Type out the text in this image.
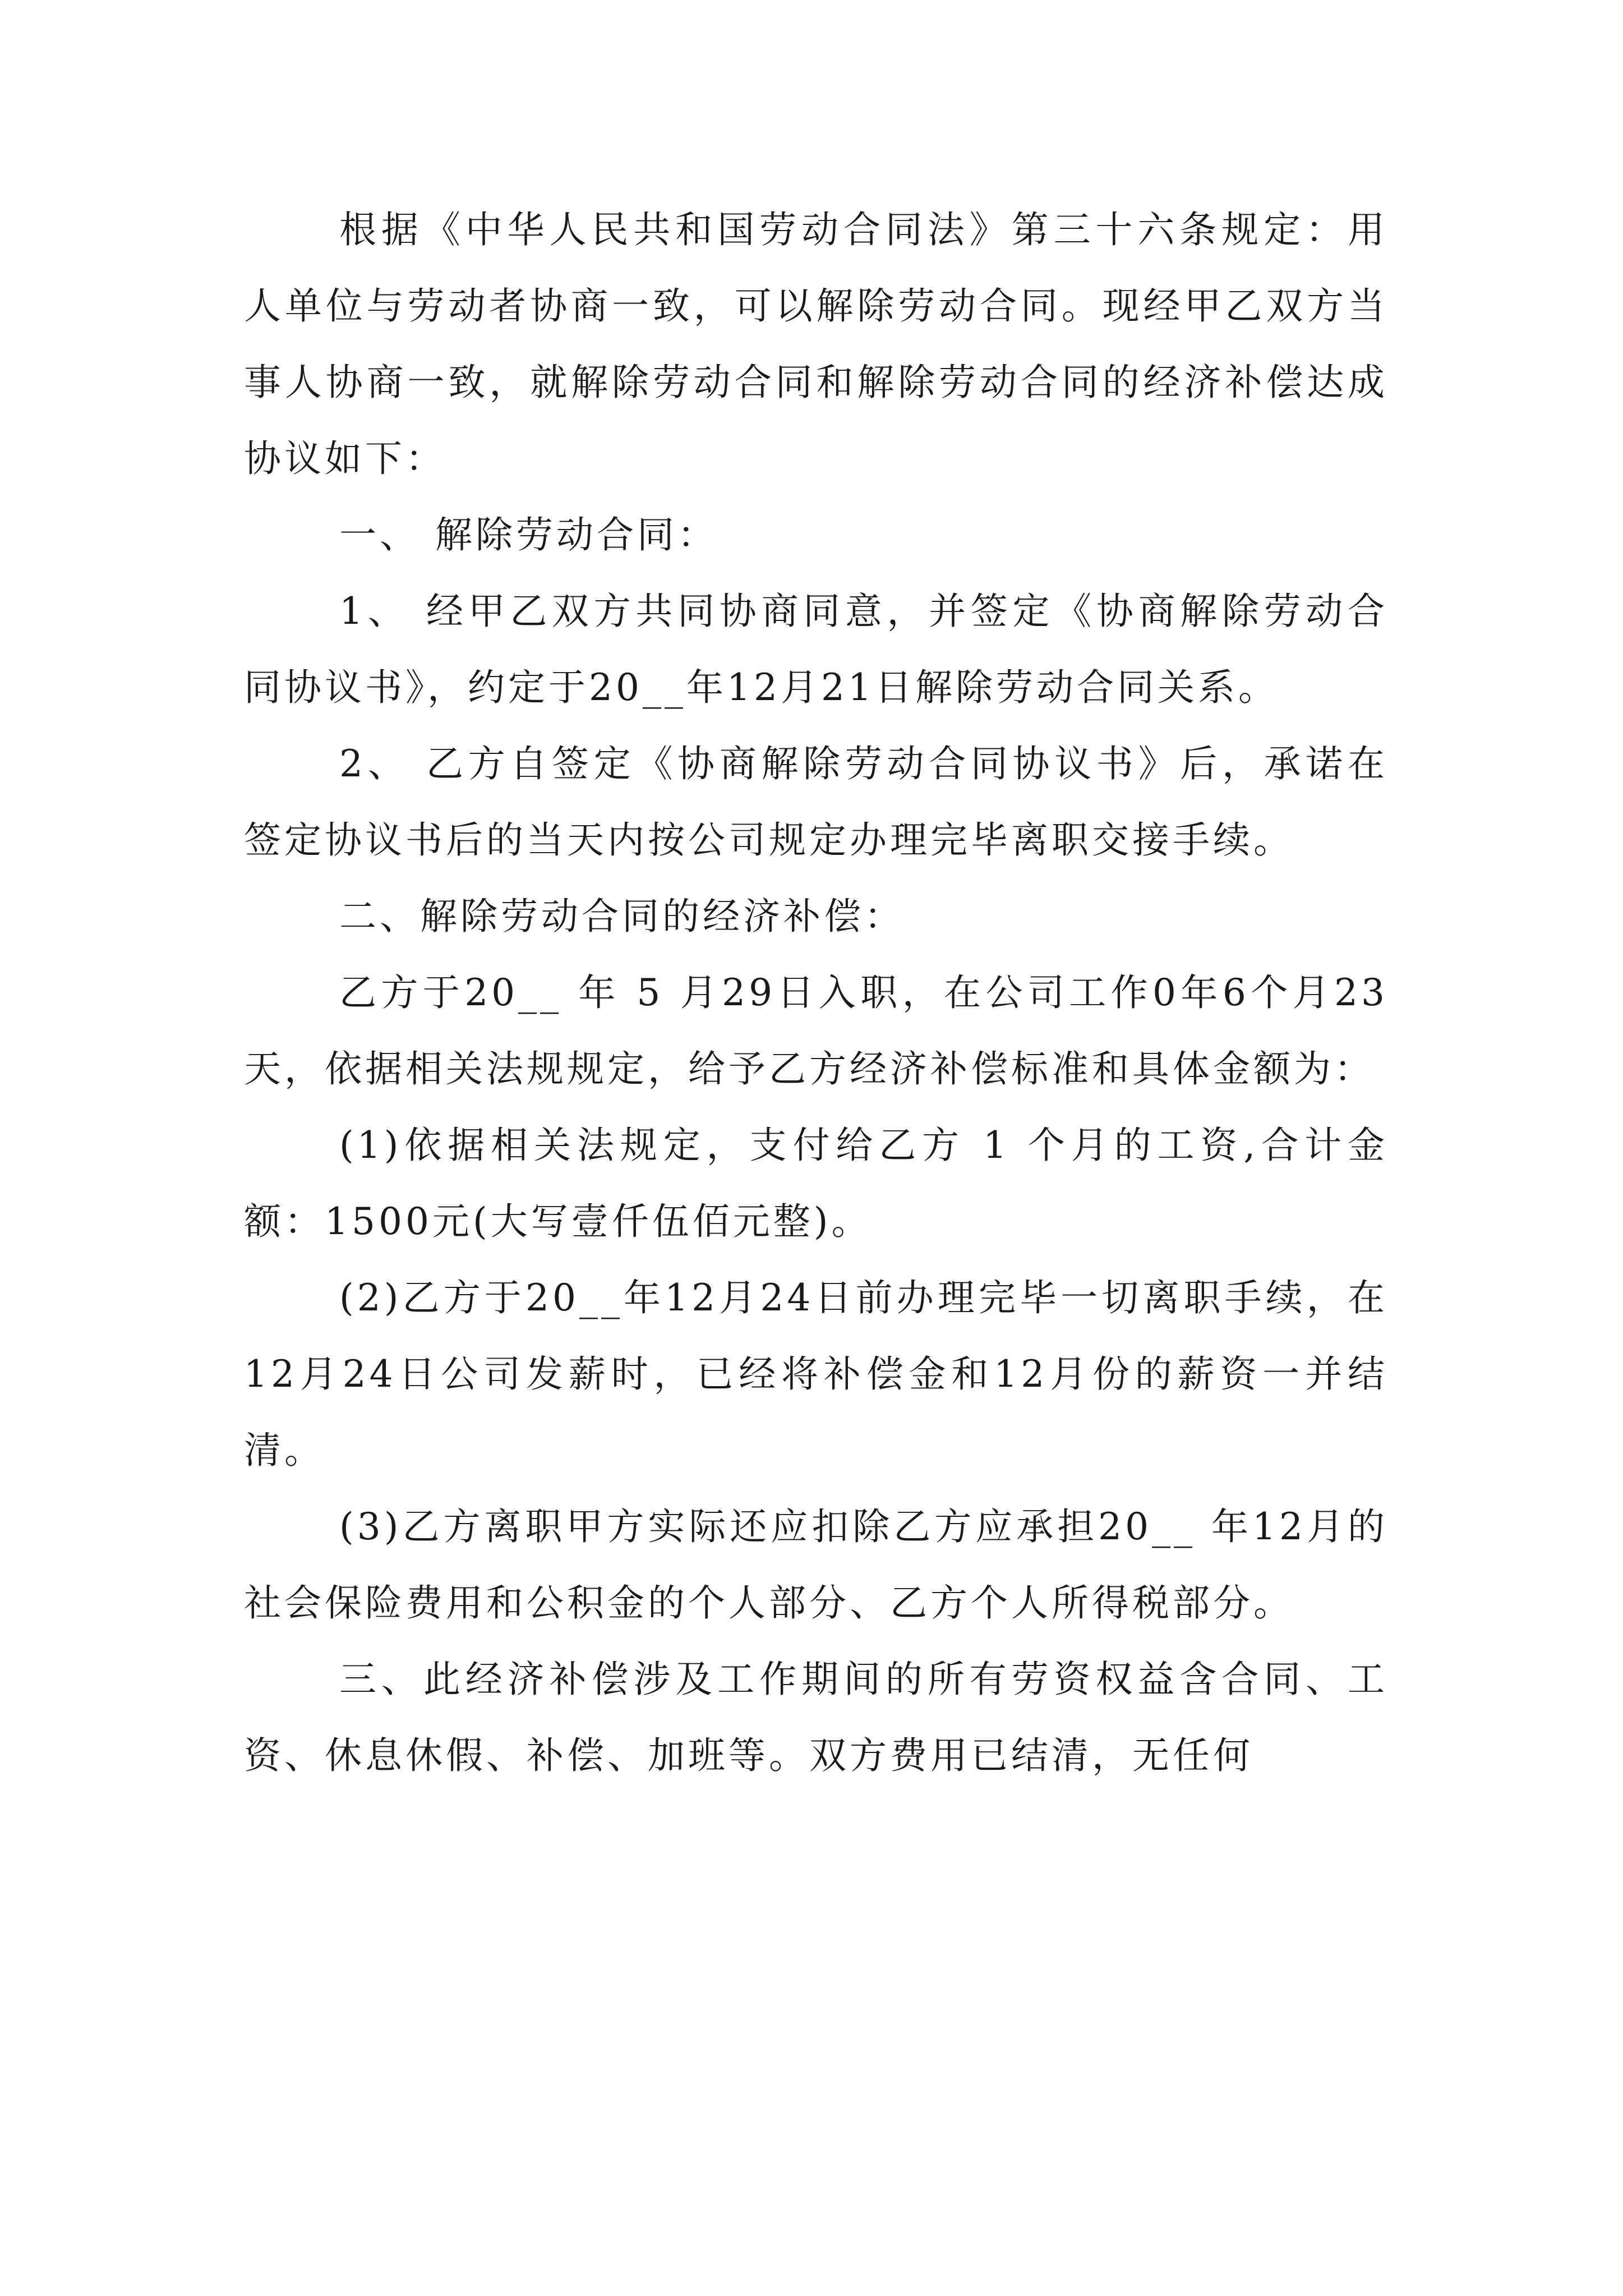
根据《中华人民共和国劳动合同法》第三十六条规定：用人单位与劳动者协商一致，可以解除劳动合同。现经甲乙双方当事人协商一致，就解除劳动合同和解除劳动合同的经济补偿达成协议如下：

一、 解除劳动合同：

1、 经甲乙双方共同协商同意，并签定《协商解除劳动合同协议书》，约定于20__年12月21日解除劳动合同关系。

2、 乙方自签定《协商解除劳动合同协议书》后，承诺在签定协议书后的当天内按公司规定办理完毕离职交接手续。

二、解除劳动合同的经济补偿：

乙方于20__ 年 5 月29日入职，在公司工作0年6个月23天，依据相关法规规定，给予乙方经济补偿标准和具体金额为：

(1)依据相关法规定，支付给乙方 1 个月的工资,合计金额：1500元(大写壹仟伍佰元整)。

(2)乙方于20__年12月24日前办理完毕一切离职手续，在12月24日公司发薪时，已经将补偿金和12月份的薪资一并结清。

(3)乙方离职甲方实际还应扣除乙方应承担20__ 年12月的社会保险费用和公积金的个人部分、乙方个人所得税部分。

三、此经济补偿涉及工作期间的所有劳资权益含合同、工资、休息休假、补偿、加班等。双方费用已结清，无任何
